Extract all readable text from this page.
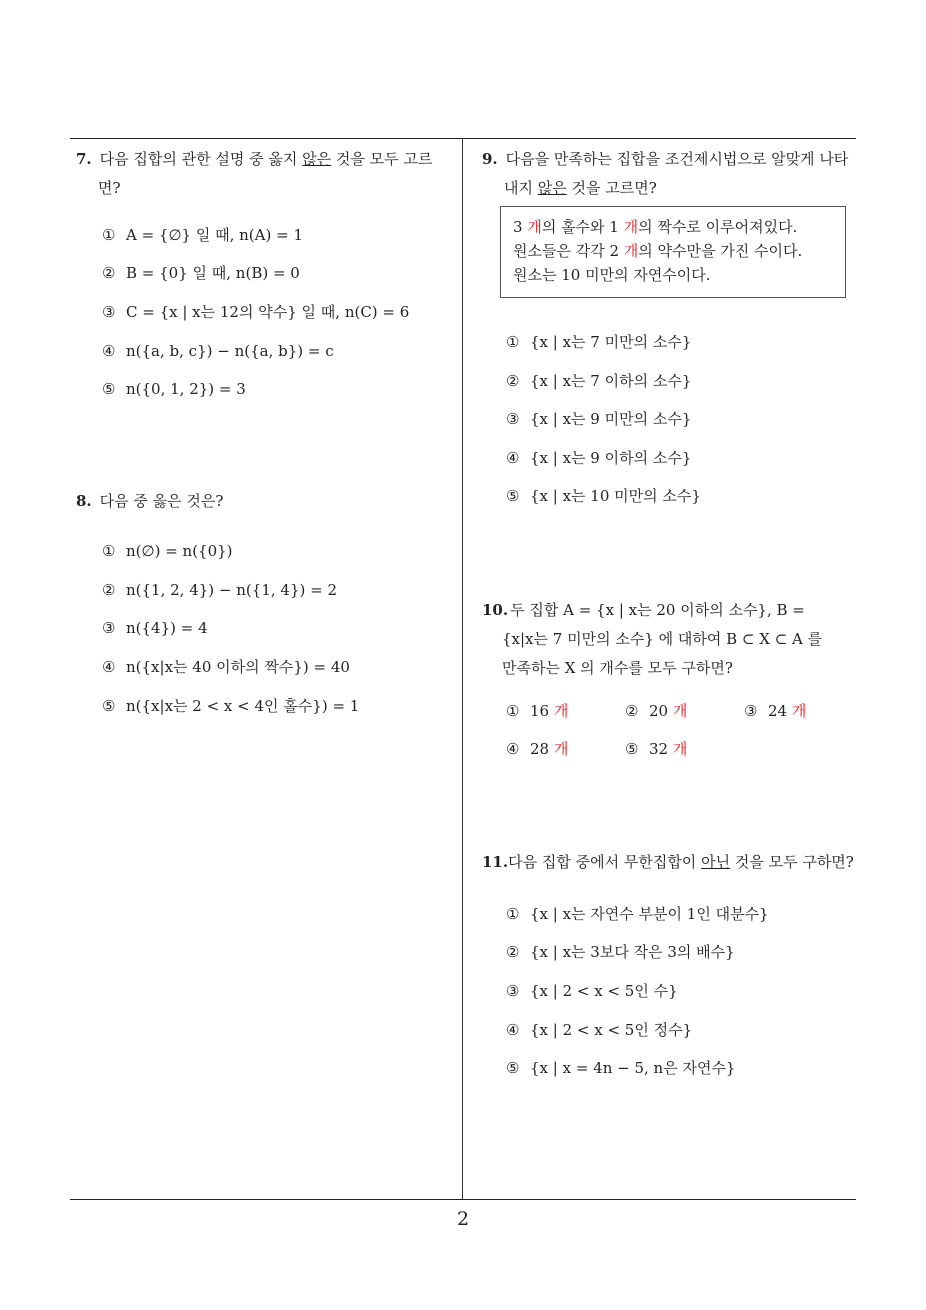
7. 다음 집합의 관한 설명 중 옳지 않은 것을 모두 고르
면?
① A = {∅} 일 때, n(A) = 1
② B = {0} 일 때, n(B) = 0
③ C = {x | x는 12의 약수} 일 때, n(C) = 6
④ n({a, b, c}) − n({a, b}) = c
⑤ n({0, 1, 2}) = 3
8. 다음 중 옳은 것은?
① n(∅) = n({0})
② n({1, 2, 4}) − n({1, 4}) = 2
③ n({4}) = 4
④ n({x|x는 40 이하의 짝수}) = 40
⑤ n({x|x는 2 < x < 4인 홀수}) = 1
9. 다음을 만족하는 집합을 조건제시법으로 알맞게 나타
내지 않은 것을 고르면?
3 개의 홀수와 1 개의 짝수로 이루어져있다.
원소들은 각각 2 개의 약수만을 가진 수이다.
원소는 10 미만의 자연수이다.
① {x | x는 7 미만의 소수}
② {x | x는 7 이하의 소수}
③ {x | x는 9 미만의 소수}
④ {x | x는 9 이하의 소수}
⑤ {x | x는 10 미만의 소수}
10. 두 집합 A = {x | x는 20 이하의 소수}, B =
{x|x는 7 미만의 소수} 에 대하여 B ⊂ X ⊂ A 를
만족하는 X 의 개수를 모두 구하면?
① 16 개	② 20 개	③ 24 개
④ 28 개	⑤ 32 개
11.다음 집합 중에서 무한집합이 아닌 것을 모두 구하면?
① {x | x는 자연수 부분이 1인 대분수}
② {x | x는 3보다 작은 3의 배수}
③ {x | 2 < x < 5인 수}
④ {x | 2 < x < 5인 정수}
⑤ {x | x = 4n − 5, n은 자연수}
2
